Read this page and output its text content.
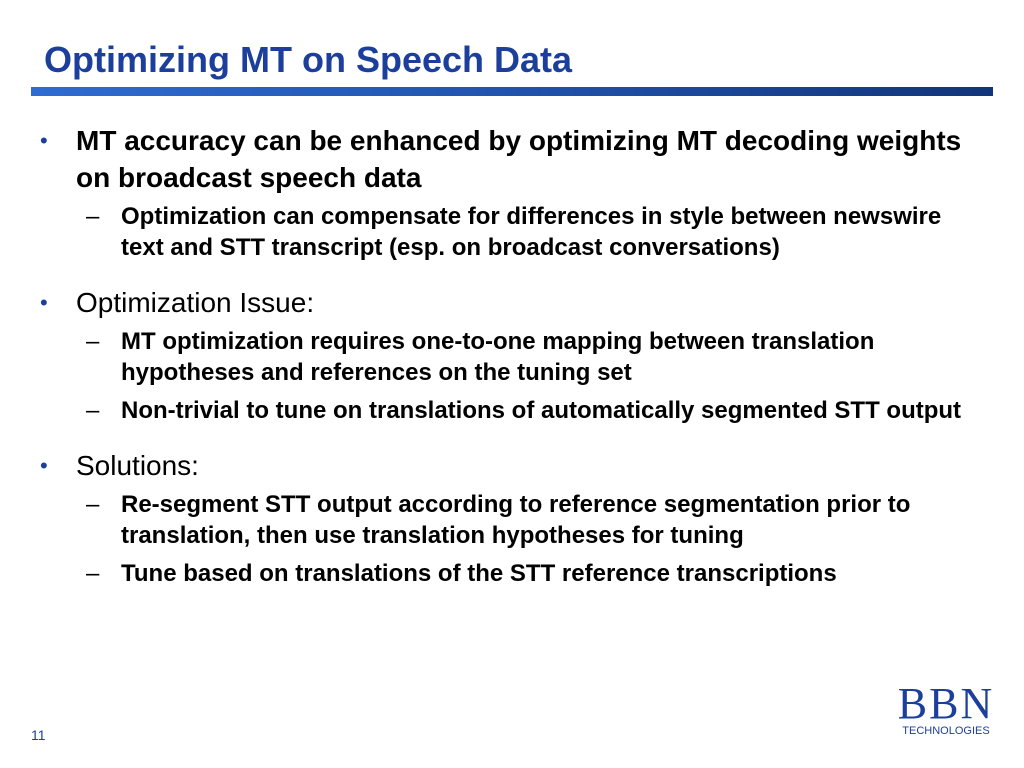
Optimizing MT on Speech Data
•
MT accuracy can be enhanced by optimizing MT decoding weights on broadcast speech data
–
Optimization can compensate for differences in style between newswire text and STT transcript (esp. on broadcast conversations)
•
Optimization Issue:
–
MT optimization requires one-to-one mapping between translation hypotheses and references on the tuning set
–
Non-trivial to tune on translations of automatically segmented STT output
•
Solutions:
–
Re-segment STT output according to reference segmentation prior to translation, then use translation hypotheses for tuning
–
Tune based on translations of the STT reference transcriptions
11
BBN
TECHNOLOGIES
